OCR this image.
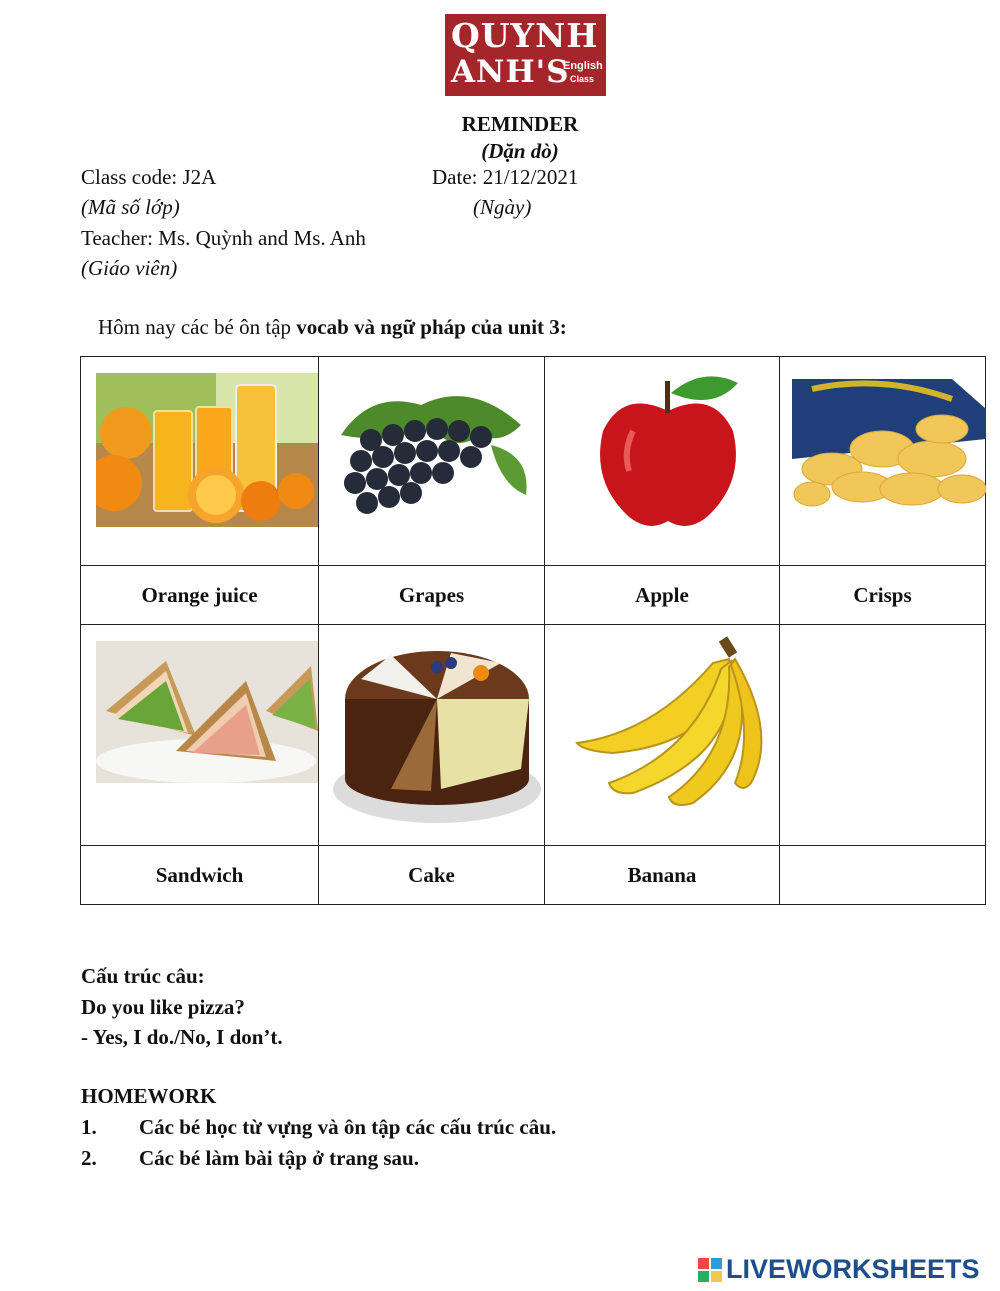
QUYNH
ANH'S
English
Class
REMINDER
(Dặn dò)
Class code: J2A	Date: 21/12/2021
(Mã số lớp)	(Ngày)
Teacher: Ms. Quỳnh and Ms. Anh
(Giáo viên)
Hôm nay các bé ôn tập vocab và ngữ pháp của unit 3:

Orange juice	Grapes	Apple	Crisps

Sandwich	Cake	Banana	
Cấu trúc câu:
Do you like pizza?
- Yes, I do./No, I don’t.
HOMEWORK
1. Các bé học từ vựng và ôn tập các cấu trúc câu.
2. Các bé làm bài tập ở trang sau.
LIVEWORKSHEETS
